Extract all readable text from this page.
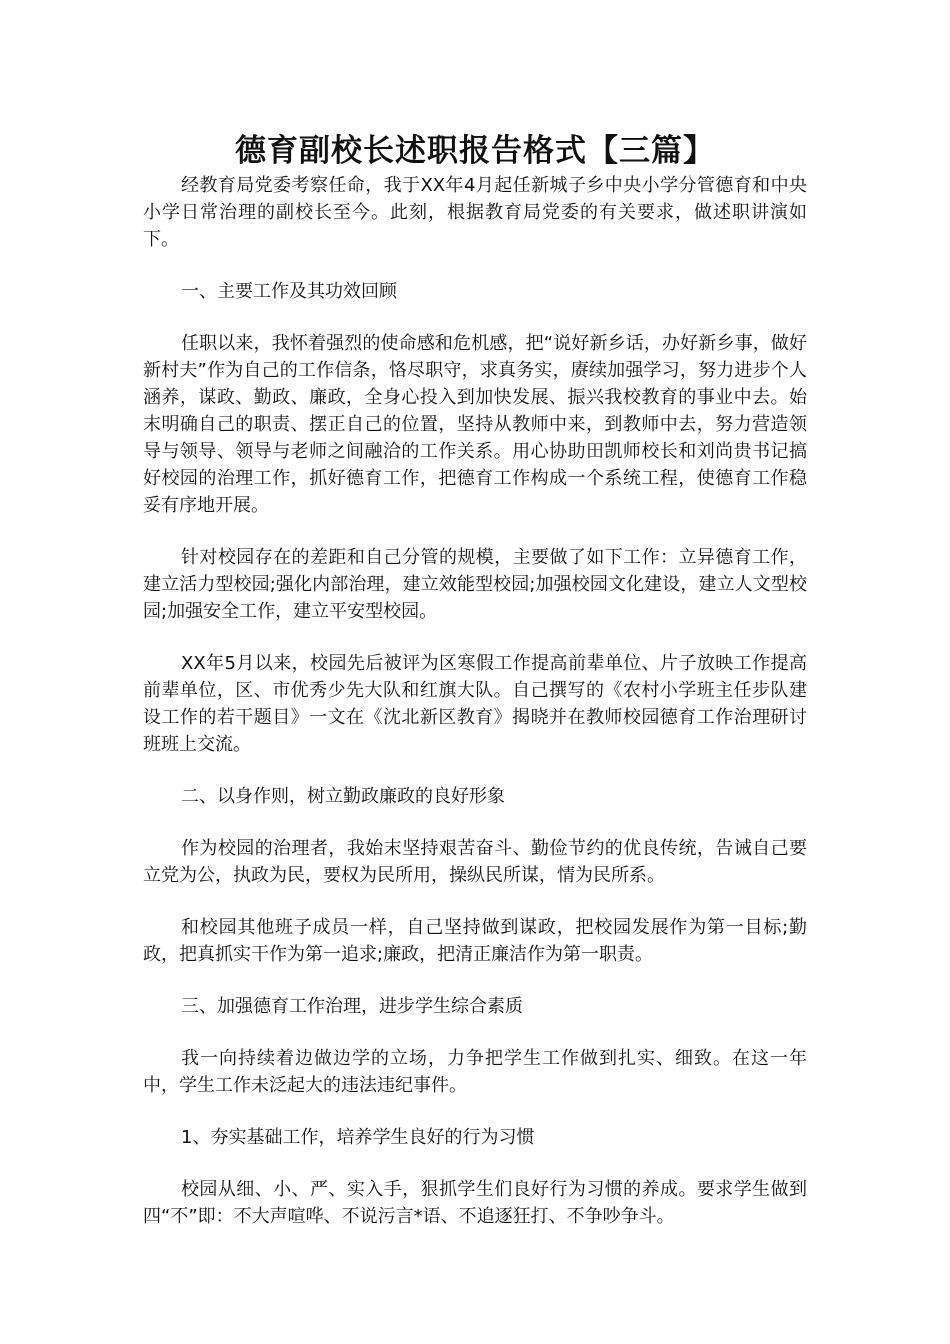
德育副校长述职报告格式【三篇】

经教育局党委考察任命，我于XX年4月起任新城子乡中央小学分管德育和中央小学日常治理的副校长至今。此刻，根据教育局党委的有关要求，做述职讲演如下。

一、主要工作及其功效回顾

任职以来，我怀着强烈的使命感和危机感，把“说好新乡话，办好新乡事，做好新村夫”作为自己的工作信条，恪尽职守，求真务实，赓续加强学习，努力进步个人涵养，谋政、勤政、廉政，全身心投入到加快发展、振兴我校教育的事业中去。始末明确自己的职责、摆正自己的位置，坚持从教师中来，到教师中去，努力营造领导与领导、领导与老师之间融洽的工作关系。用心协助田凯师校长和刘尚贵书记搞好校园的治理工作，抓好德育工作，把德育工作构成一个系统工程，使德育工作稳妥有序地开展。

针对校园存在的差距和自己分管的规模，主要做了如下工作：立异德育工作，建立活力型校园;强化内部治理，建立效能型校园;加强校园文化建设，建立人文型校园;加强安全工作，建立平安型校园。

XX年5月以来，校园先后被评为区寒假工作提高前辈单位、片子放映工作提高前辈单位，区、市优秀少先大队和红旗大队。自己撰写的《农村小学班主任步队建设工作的若干题目》一文在《沈北新区教育》揭晓并在教师校园德育工作治理研讨班班上交流。

二、以身作则，树立勤政廉政的良好形象

作为校园的治理者，我始末坚持艰苦奋斗、勤俭节约的优良传统，告诫自己要立党为公，执政为民，要权为民所用，操纵民所谋，情为民所系。

和校园其他班子成员一样，自己坚持做到谋政，把校园发展作为第一目标;勤政，把真抓实干作为第一追求;廉政，把清正廉洁作为第一职责。

三、加强德育工作治理，进步学生综合素质

我一向持续着边做边学的立场，力争把学生工作做到扎实、细致。在这一年中，学生工作未泛起大的违法违纪事件。

1、夯实基础工作，培养学生良好的行为习惯

校园从细、小、严、实入手，狠抓学生们良好行为习惯的养成。要求学生做到四“不”即：不大声喧哗、不说污言*语、不追逐狂打、不争吵争斗。
